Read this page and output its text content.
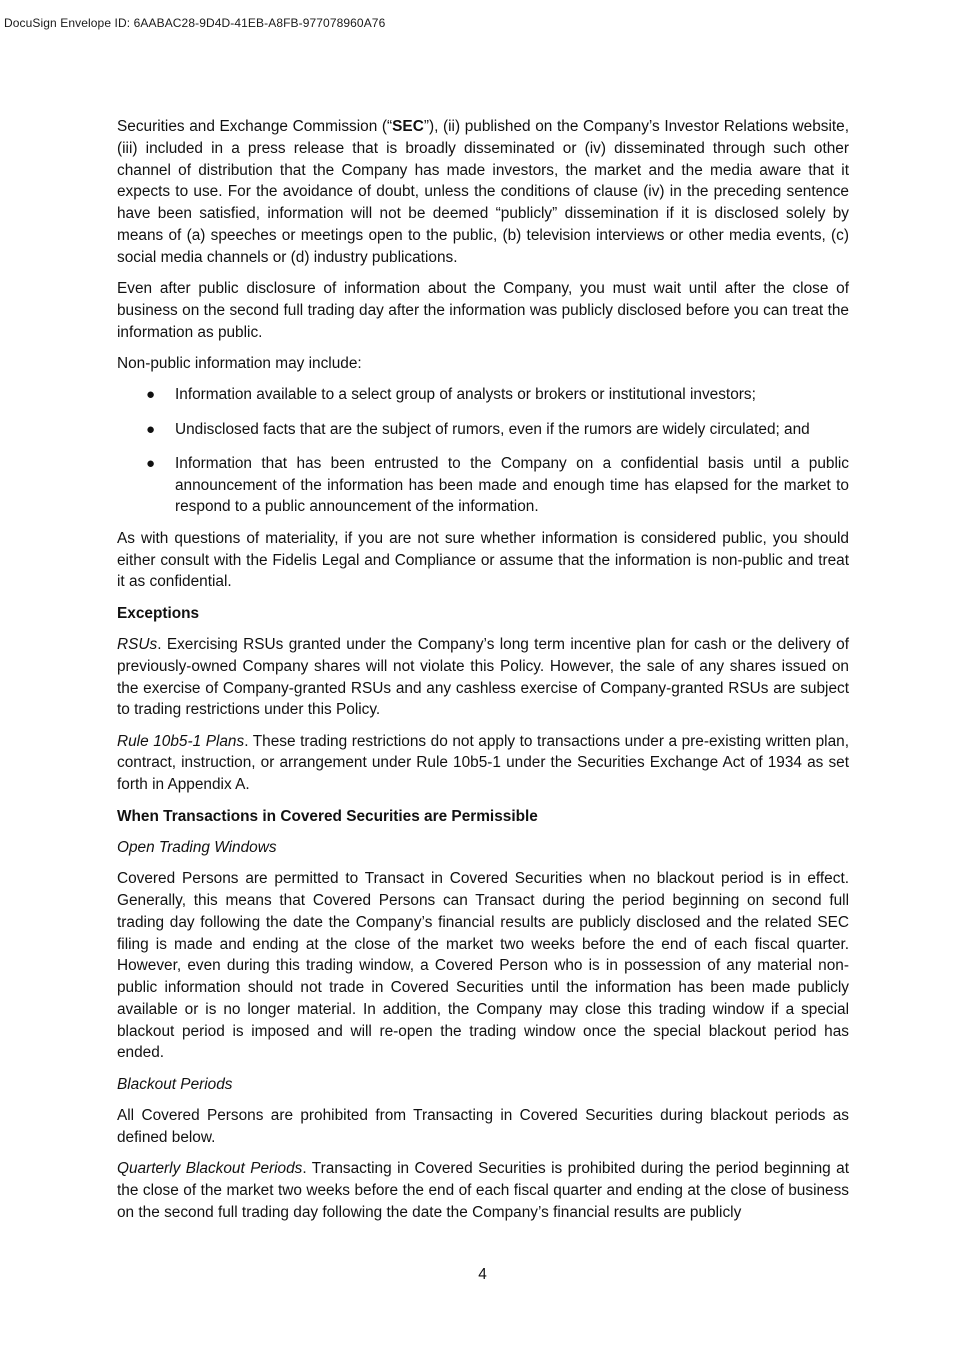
DocuSign Envelope ID: 6AABAC28-9D4D-41EB-A8FB-977078960A76

Securities and Exchange Commission (“SEC”), (ii) published on the Company’s Investor Relations website, (iii) included in a press release that is broadly disseminated or (iv) disseminated through such other channel of distribution that the Company has made investors, the market and the media aware that it expects to use. For the avoidance of doubt, unless the conditions of clause (iv) in the preceding sentence have been satisfied, information will not be deemed “publicly” dissemination if it is disclosed solely by means of (a) speeches or meetings open to the public, (b) television interviews or other media events, (c) social media channels or (d) industry publications.

Even after public disclosure of information about the Company, you must wait until after the close of business on the second full trading day after the information was publicly disclosed before you can treat the information as public.

Non-public information may include:

● Information available to a select group of analysts or brokers or institutional investors;
● Undisclosed facts that are the subject of rumors, even if the rumors are widely circulated; and
● Information that has been entrusted to the Company on a confidential basis until a public announcement of the information has been made and enough time has elapsed for the market to respond to a public announcement of the information.

As with questions of materiality, if you are not sure whether information is considered public, you should either consult with the Fidelis Legal and Compliance or assume that the information is non-public and treat it as confidential.

Exceptions

RSUs. Exercising RSUs granted under the Company’s long term incentive plan for cash or the delivery of previously-owned Company shares will not violate this Policy. However, the sale of any shares issued on the exercise of Company-granted RSUs and any cashless exercise of Company-granted RSUs are subject to trading restrictions under this Policy.

Rule 10b5-1 Plans. These trading restrictions do not apply to transactions under a pre-existing written plan, contract, instruction, or arrangement under Rule 10b5-1 under the Securities Exchange Act of 1934 as set forth in Appendix A.

When Transactions in Covered Securities are Permissible

Open Trading Windows

Covered Persons are permitted to Transact in Covered Securities when no blackout period is in effect. Generally, this means that Covered Persons can Transact during the period beginning on second full trading day following the date the Company’s financial results are publicly disclosed and the related SEC filing is made and ending at the close of the market two weeks before the end of each fiscal quarter. However, even during this trading window, a Covered Person who is in possession of any material non-public information should not trade in Covered Securities until the information has been made publicly available or is no longer material. In addition, the Company may close this trading window if a special blackout period is imposed and will re-open the trading window once the special blackout period has ended.

Blackout Periods

All Covered Persons are prohibited from Transacting in Covered Securities during blackout periods as defined below.

Quarterly Blackout Periods. Transacting in Covered Securities is prohibited during the period beginning at the close of the market two weeks before the end of each fiscal quarter and ending at the close of business on the second full trading day following the date the Company’s financial results are publicly

4
